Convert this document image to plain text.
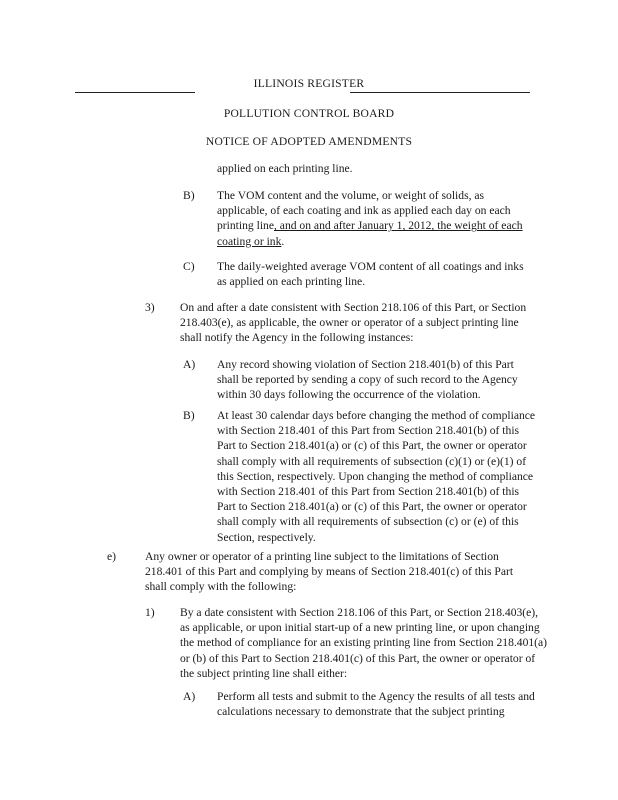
ILLINOIS REGISTER
POLLUTION CONTROL BOARD
NOTICE OF ADOPTED AMENDMENTS
applied on each printing line.
B) The VOM content and the volume, or weight of solids, as applicable, of each coating and ink as applied each day on each printing line, and on and after January 1, 2012, the weight of each coating or ink.
C) The daily-weighted average VOM content of all coatings and inks as applied on each printing line.
3) On and after a date consistent with Section 218.106 of this Part, or Section 218.403(e), as applicable, the owner or operator of a subject printing line shall notify the Agency in the following instances:
A) Any record showing violation of Section 218.401(b) of this Part shall be reported by sending a copy of such record to the Agency within 30 days following the occurrence of the violation.
B) At least 30 calendar days before changing the method of compliance with Section 218.401 of this Part from Section 218.401(b) of this Part to Section 218.401(a) or (c) of this Part, the owner or operator shall comply with all requirements of subsection (c)(1) or (e)(1) of this Section, respectively. Upon changing the method of compliance with Section 218.401 of this Part from Section 218.401(b) of this Part to Section 218.401(a) or (c) of this Part, the owner or operator shall comply with all requirements of subsection (c) or (e) of this Section, respectively.
e) Any owner or operator of a printing line subject to the limitations of Section 218.401 of this Part and complying by means of Section 218.401(c) of this Part shall comply with the following:
1) By a date consistent with Section 218.106 of this Part, or Section 218.403(e), as applicable, or upon initial start-up of a new printing line, or upon changing the method of compliance for an existing printing line from Section 218.401(a) or (b) of this Part to Section 218.401(c) of this Part, the owner or operator of the subject printing line shall either:
A) Perform all tests and submit to the Agency the results of all tests and calculations necessary to demonstrate that the subject printing
